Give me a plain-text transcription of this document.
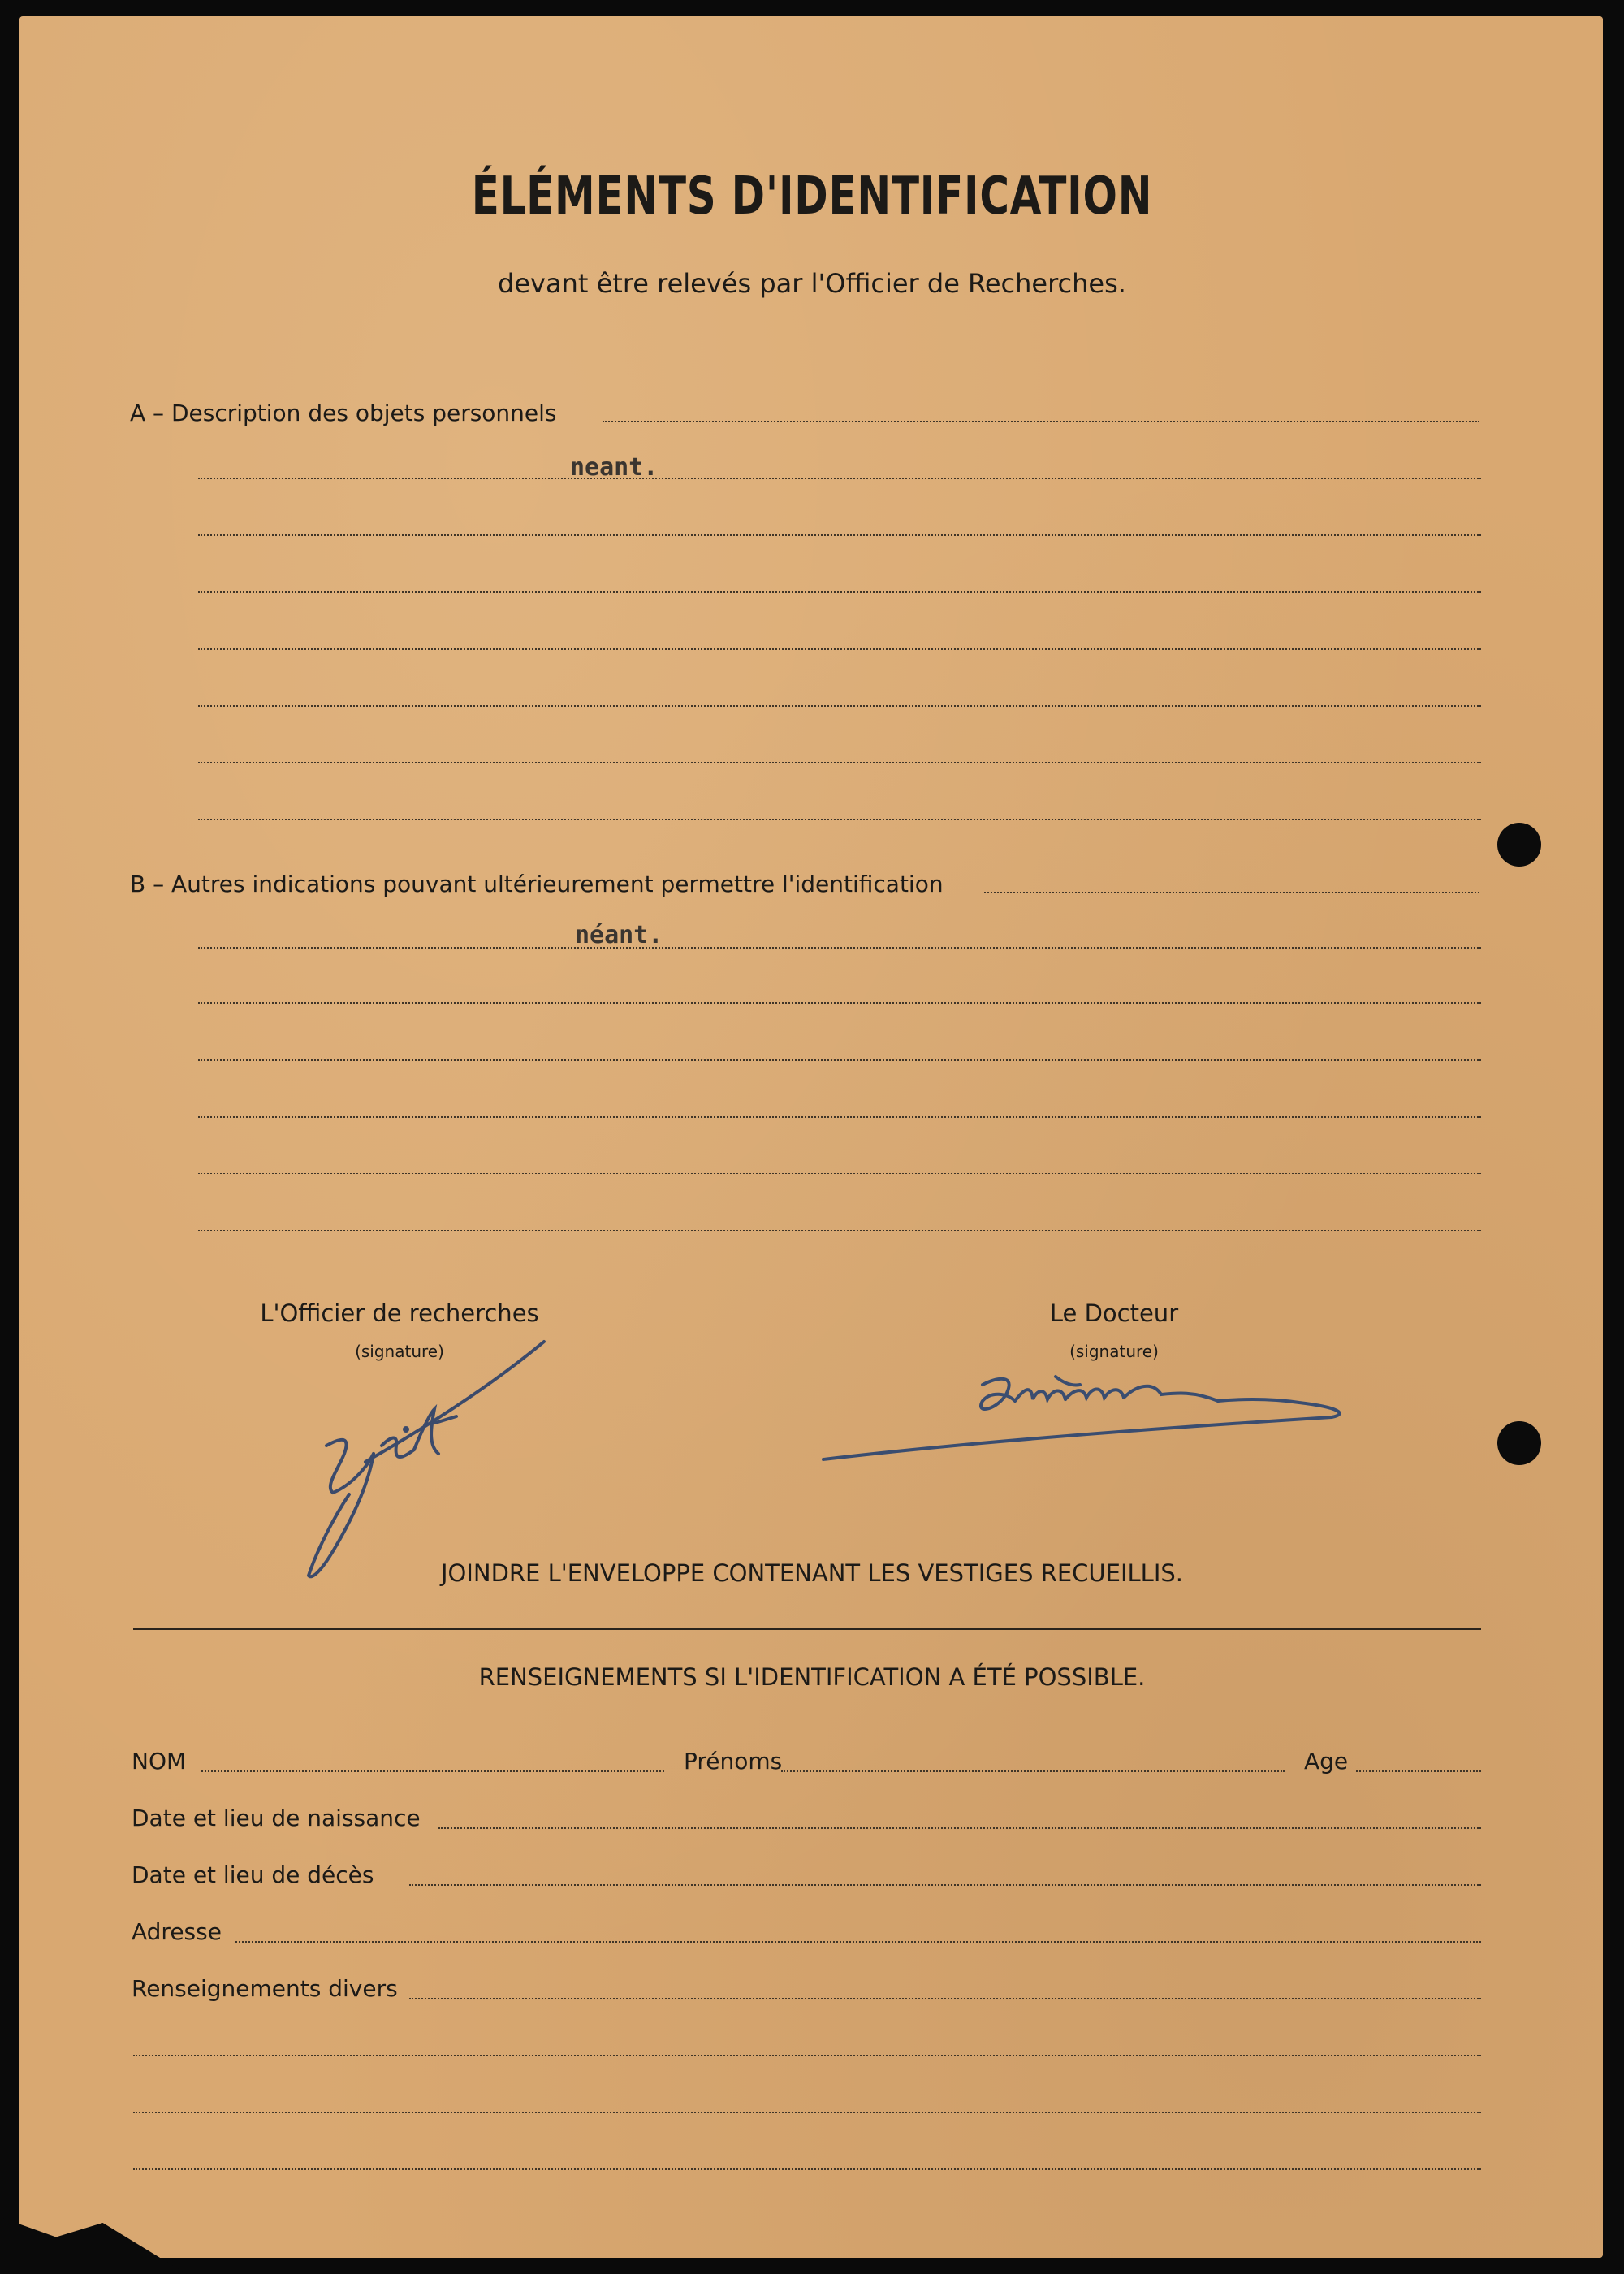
ÉLÉMENTS D'IDENTIFICATION
devant être relevés par l'Officier de Recherches.
A – Description des objets personnels
neant.
B – Autres indications pouvant ultérieurement permettre l'identification
néant.
L'Officier de recherches
(signature)
Le Docteur
(signature)
JOINDRE L'ENVELOPPE CONTENANT LES VESTIGES RECUEILLIS.
RENSEIGNEMENTS SI L'IDENTIFICATION A ÉTÉ POSSIBLE.
NOM	Prénoms	Age
Date et lieu de naissance
Date et lieu de décès
Adresse
Renseignements divers
